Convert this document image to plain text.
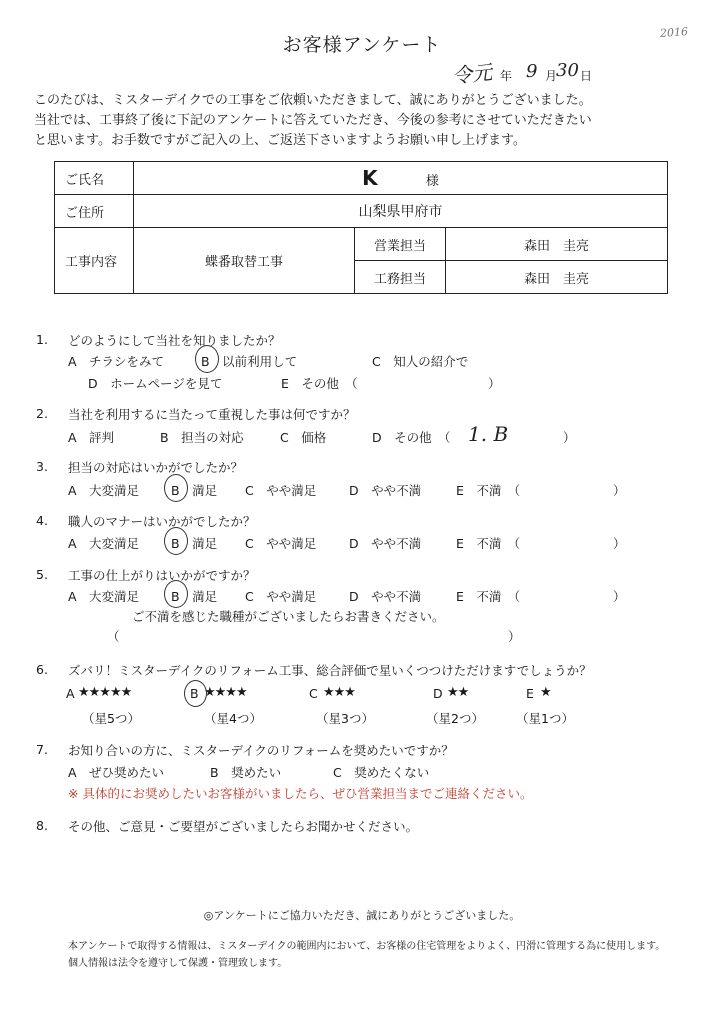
お客様アンケート
2016
令元 年 9 月
30 日
このたびは、ミスターデイクでの工事をご依頼いただきまして、誠にありがとうございました。
当社では、工事終了後に下記のアンケートに答えていただき、今後の参考にさせていただきたい
と思います。お手数ですがご記入の上、ご返送下さいますようお願い申し上げます。
ご氏名	K 様		
ご住所	山梨県甲府市		
工事内容	蝶番取替工事	営業担当	森田　圭亮
		工務担当	森田　圭亮
1. どのようにして当社を知りましたか？
A　チラシをみて	B　以前利用して	C　知人の紹介で
D　ホームページを見て	E　その他　（	）
2. 当社を利用するに当たって重視した事は何ですか？
A　評判	B　担当の対応	C　価格	D　その他　（ 1. B	）
3. 担当の対応はいかがでしたか？
A　大変満足	B　満足 C　やや満足	D　やや不満	E　不満　（	）
4. 職人のマナーはいかがでしたか？
A　大変満足	B　満足 C　やや満足	D　やや不満	E　不満　（	）
5. 工事の仕上がりはいかがですか？
A　大変満足	B　満足 C　やや満足	D　やや不満	E　不満　（	）
ご不満を感じた職種がございましたらお書きください。
（	）
6. ズバリ！ミスターデイクのリフォーム工事、総合評価で星いくつつけただけますでしょうか？
A ★★★★★
（星5つ）
B ★★★★
（星4つ）
C ★★★
（星3つ）
D ★★
（星2つ）
E ★
（星1つ）
7. お知り合いの方に、ミスターデイクのリフォームを奨めたいですか？
A　ぜひ奨めたい	B　奨めたい	C　奨めたくない
※ 具体的にお奨めしたいお客様がいましたら、ぜひ営業担当までご連絡ください。
8. その他、ご意見・ご要望がございましたらお聞かせください。
◎アンケートにご協力いただき、誠にありがとうございました。
本アンケートで取得する情報は、ミスターデイクの範囲内において、お客様の住宅管理をよりよく、円滑に管理する為に使用します。
個人情報は法令を遵守して保護・管理致します。
